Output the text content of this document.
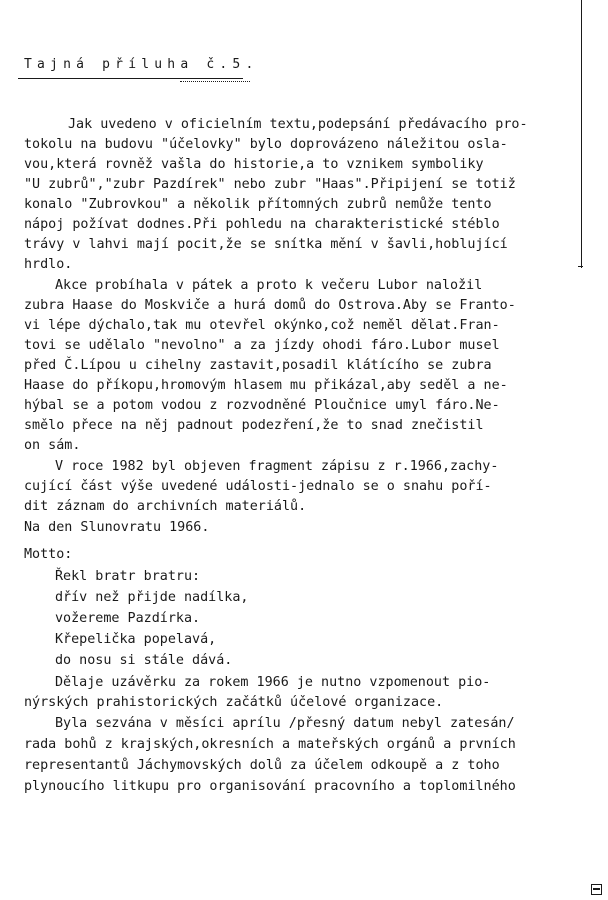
Tajná příluha č.5.

Jak uvedeno v oficielním textu,podepsání předávacího pro-

tokolu na budovu "účelovky" bylo doprovázeno náležitou osla-

vou,která rovněž vašla do historie,a to vznikem symboliky

"U zubrů","zubr Pazdírek" nebo zubr "Haas".Připijení se totiž

konalo "Zubrovkou" a několik přítomných zubrů nemůže tento

nápoj požívat dodnes.Při pohledu na charakteristické stéblo

trávy v lahvi mají pocit,že se snítka mění v šavli,hoblující

hrdlo.

Akce probíhala v pátek a proto k večeru Lubor naložil

zubra Haase do Moskviče a hurá domů do Ostrova.Aby se Franto-

vi lépe dýchalo,tak mu otevřel okýnko,což neměl dělat.Fran-

tovi se udělalo "nevolno" a za jízdy ohodi fáro.Lubor musel

před Č.Lípou u cihelny zastavit,posadil klátícího se zubra

Haase do příkopu,hromovým hlasem mu přikázal,aby seděl a ne-

hýbal se a potom vodou z rozvodněné Ploučnice umyl fáro.Ne-

smělo přece na něj padnout podezření,že to snad znečistil

on sám.

V roce 1982 byl objeven fragment zápisu z r.1966,zachy-

cující část výše uvedené události-jednalo se o snahu poří-

dit záznam do archivních materiálů.

Na den Slunovratu 1966.

Motto:

Řekl bratr bratru:

dřív než přijde nadílka,

vožereme Pazdírka.

Křepelička popelavá,

do nosu si stále dává.

Dělaje uzávěrku za rokem 1966 je nutno vzpomenout pio-

nýrských prahistorických začátků účelové organizace.

Byla sezvána v měsíci aprílu /přesný datum nebyl zatesán/

rada bohů z krajských,okresních a mateřských orgánů a prvních

representantů Jáchymovských dolů za účelem odkoupě a z toho

plynoucího litkupu pro organisování pracovního a toplomilného
